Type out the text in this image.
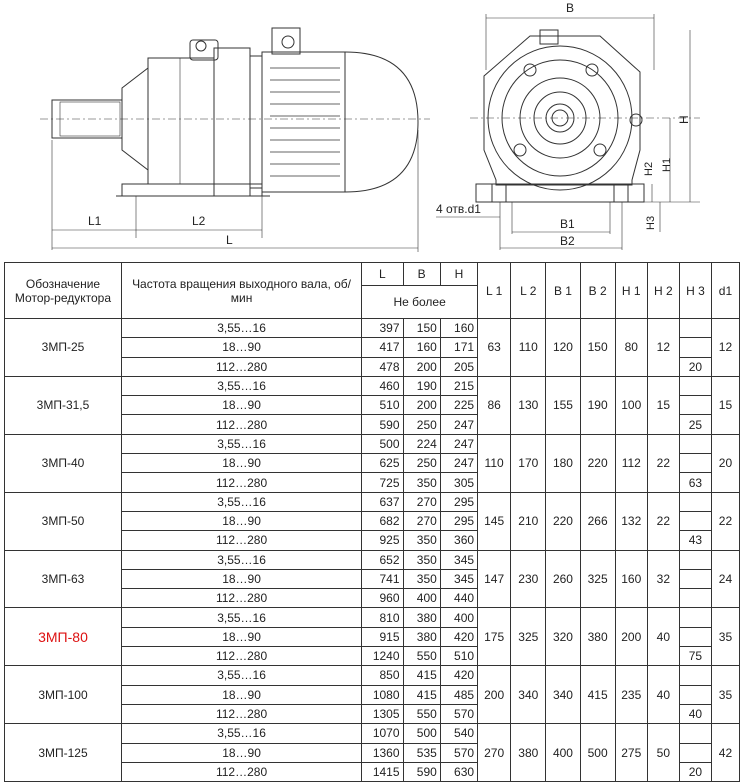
B
H
H2 H1
H3
B1
B2
4 отв.d1
L1	L2
L
Обозначение Мотор-редуктора	Частота вращения выходного вала, об/мин	L	B	H	L 1	L 2	B 1	B 2	H 1	H 2	H 3	d1
		Не более										
3МП-25	3,55…16	397	150	160	63	110	120	150	80	12		12
	18…90	417	160	171								
	112…280	478	200	205							20	
3МП-31,5	3,55…16	460	190	215	86	130	155	190	100	15		15
	18…90	510	200	225								
	112…280	590	250	247							25	
3МП-40	3,55…16	500	224	247	110	170	180	220	112	22		20
	18…90	625	250	247								
	112…280	725	350	305							63	
3МП-50	3,55…16	637	270	295	145	210	220	266	132	22		22
	18…90	682	270	295								
	112…280	925	350	360							43	
3МП-63	3,55…16	652	350	345	147	230	260	325	160	32		24
	18…90	741	350	345								
	112…280	960	400	440								
3МП-80	3,55…16	810	380	400	175	325	320	380	200	40		35
	18…90	915	380	420								
	112…280	1240	550	510							75	
3МП-100	3,55…16	850	415	420	200	340	340	415	235	40		35
	18…90	1080	415	485								
	112…280	1305	550	570							40	
3МП-125	3,55…16	1070	500	540	270	380	400	500	275	50		42
	18…90	1360	535	570								
	112…280	1415	590	630							20	
